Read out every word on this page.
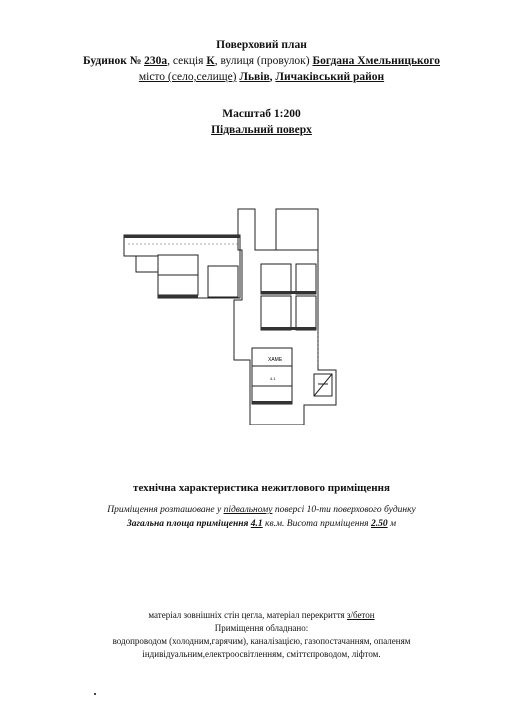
Поверховий план
Будинок № 230а, секція К, вулиця (провулок) Богдана Хмельницького
місто (село,селище) Львів, Личаківський район
Масштаб 1:200
Підвальний поверх
ХАМЕ
4.1
технічна характеристика нежитлового приміщення
Приміщення розташоване у підвальному поверсі 10-ти поверхового будинку
Загальна площа приміщення 4.1 кв.м. Висота приміщення 2.50 м
матеріал зовнішніх стін цегла, матеріал перекриття з/бетон
Приміщення обладнано:
водопроводом (холодним,гарячим), каналізацією, газопостачанням, опаленям
індивідуальним,електроосвітленням, сміттєпроводом, ліфтом.
